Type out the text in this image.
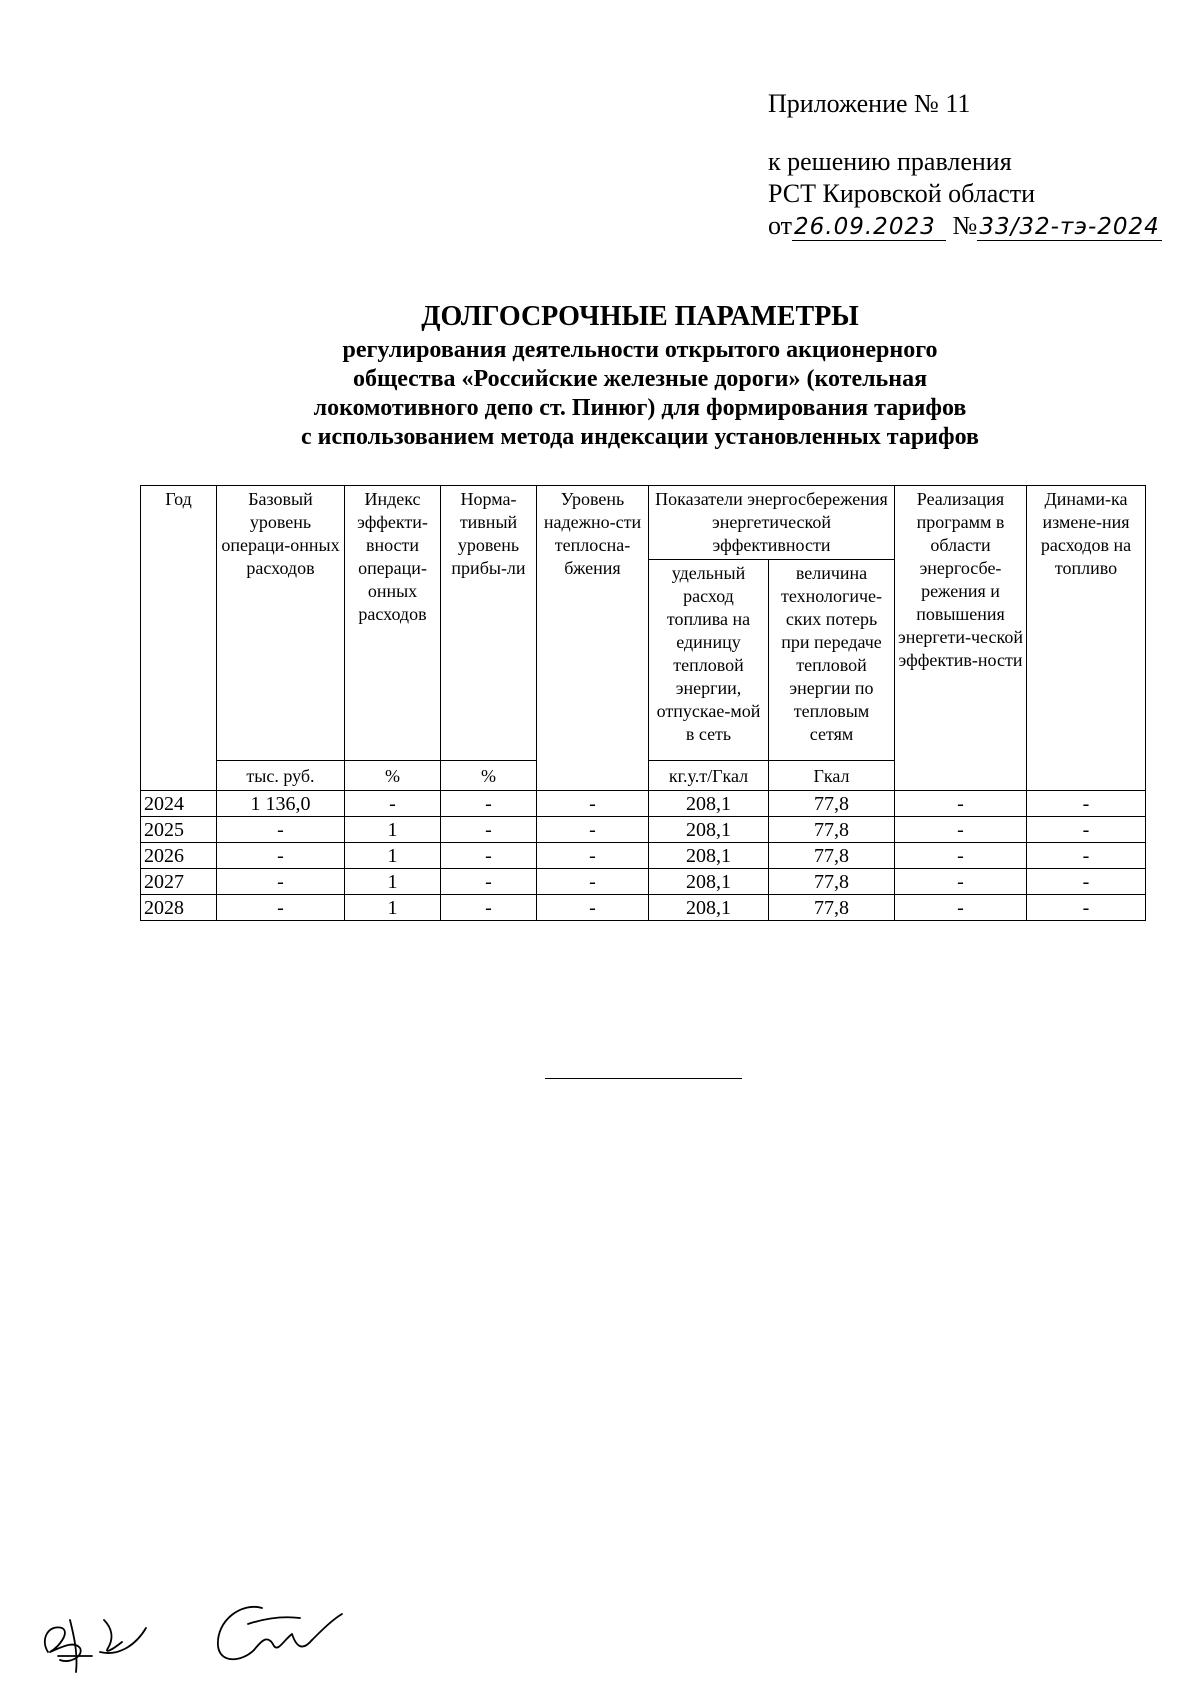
Приложение № 11
к решению правления
РСТ Кировской области
от26.09.2023 №33/32-тэ-2024
ДОЛГОСРОЧНЫЕ ПАРАМЕТРЫ
регулирования деятельности открытого акционерного
общества «Российские железные дороги» (котельная
локомотивного депо ст. Пинюг) для формирования тарифов
с использованием метода индексации установленных тарифов
Год	Базовый уровень операци-онных расходов	Индекс эффекти-вности операци-онных расходов	Норма-тивный уровень прибы-ли	Уровень надежно-сти теплосна-бжения	Показатели энергосбережения энергетической эффективности		Реализация программ в области энергосбе-режения и повышения энергети-ческой эффектив-ности	Динами-ка измене-ния расходов на топливо
					удельный расход топлива на единицу тепловой энергии, отпускае-мой в сеть	величина технологиче-ских потерь при передаче тепловой энергии по тепловым сетям		
	тыс. руб.	%	%		кг.у.т/Гкал	Гкал		
2024	1 136,0	-	-	-	208,1	77,8	-	-
2025	-	1	-	-	208,1	77,8	-	-
2026	-	1	-	-	208,1	77,8	-	-
2027	-	1	-	-	208,1	77,8	-	-
2028	-	1	-	-	208,1	77,8	-	-
